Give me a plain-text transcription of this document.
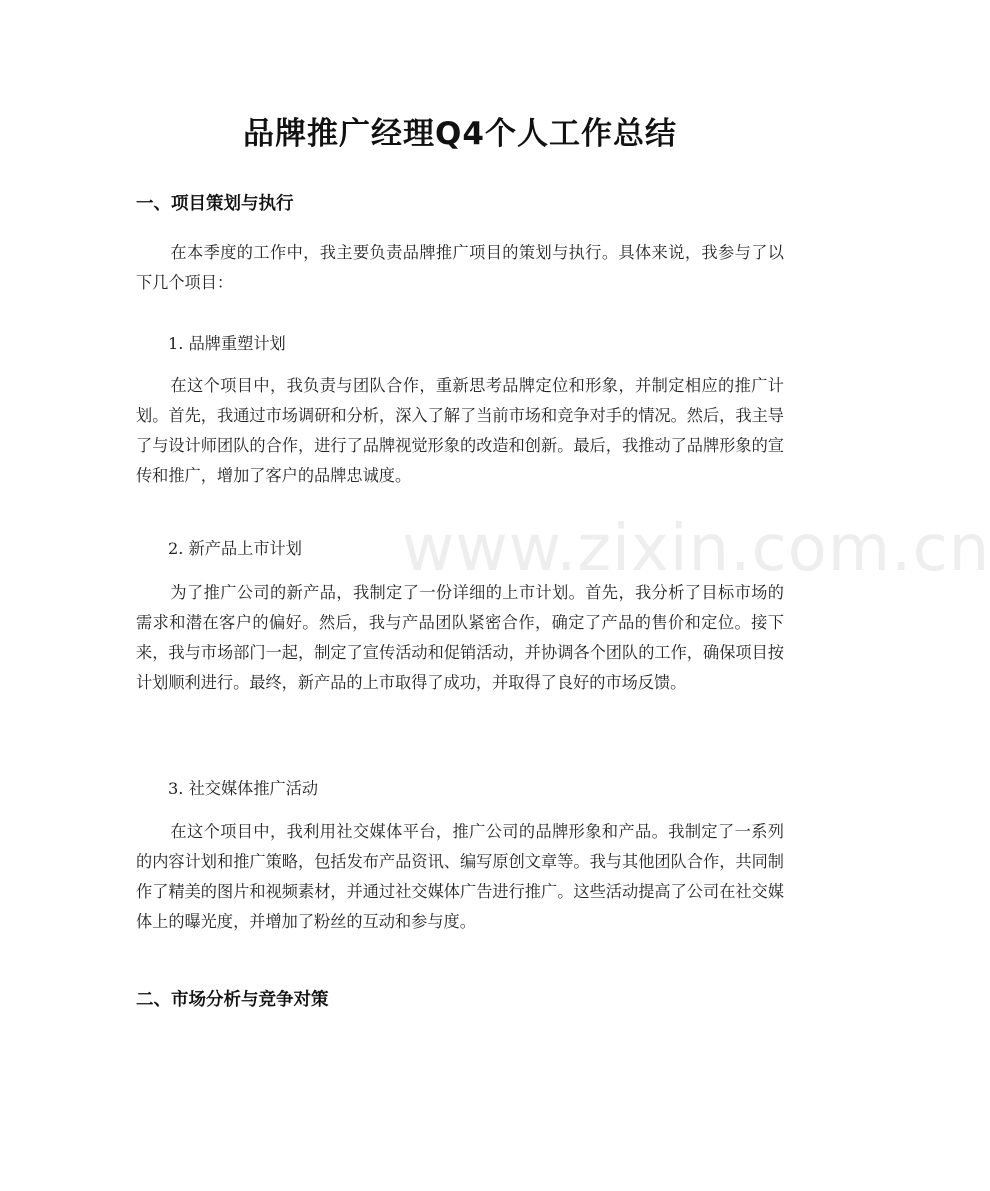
品牌推广经理Q4个人工作总结
一、项目策划与执行

在本季度的工作中，我主要负责品牌推广项目的策划与执行。具体来说，我参与了以下几个项目：

1. 品牌重塑计划

在这个项目中，我负责与团队合作，重新思考品牌定位和形象，并制定相应的推广计划。首先，我通过市场调研和分析，深入了解了当前市场和竞争对手的情况。然后，我主导了与设计师团队的合作，进行了品牌视觉形象的改造和创新。最后，我推动了品牌形象的宣传和推广，增加了客户的品牌忠诚度。

2. 新产品上市计划

为了推广公司的新产品，我制定了一份详细的上市计划。首先，我分析了目标市场的需求和潜在客户的偏好。然后，我与产品团队紧密合作，确定了产品的售价和定位。接下来，我与市场部门一起，制定了宣传活动和促销活动，并协调各个团队的工作，确保项目按计划顺利进行。最终，新产品的上市取得了成功，并取得了良好的市场反馈。

3. 社交媒体推广活动

在这个项目中，我利用社交媒体平台，推广公司的品牌形象和产品。我制定了一系列的内容计划和推广策略，包括发布产品资讯、编写原创文章等。我与其他团队合作，共同制作了精美的图片和视频素材，并通过社交媒体广告进行推广。这些活动提高了公司在社交媒体上的曝光度，并增加了粉丝的互动和参与度。

二、市场分析与竞争对策
www.zixin.com.cn
